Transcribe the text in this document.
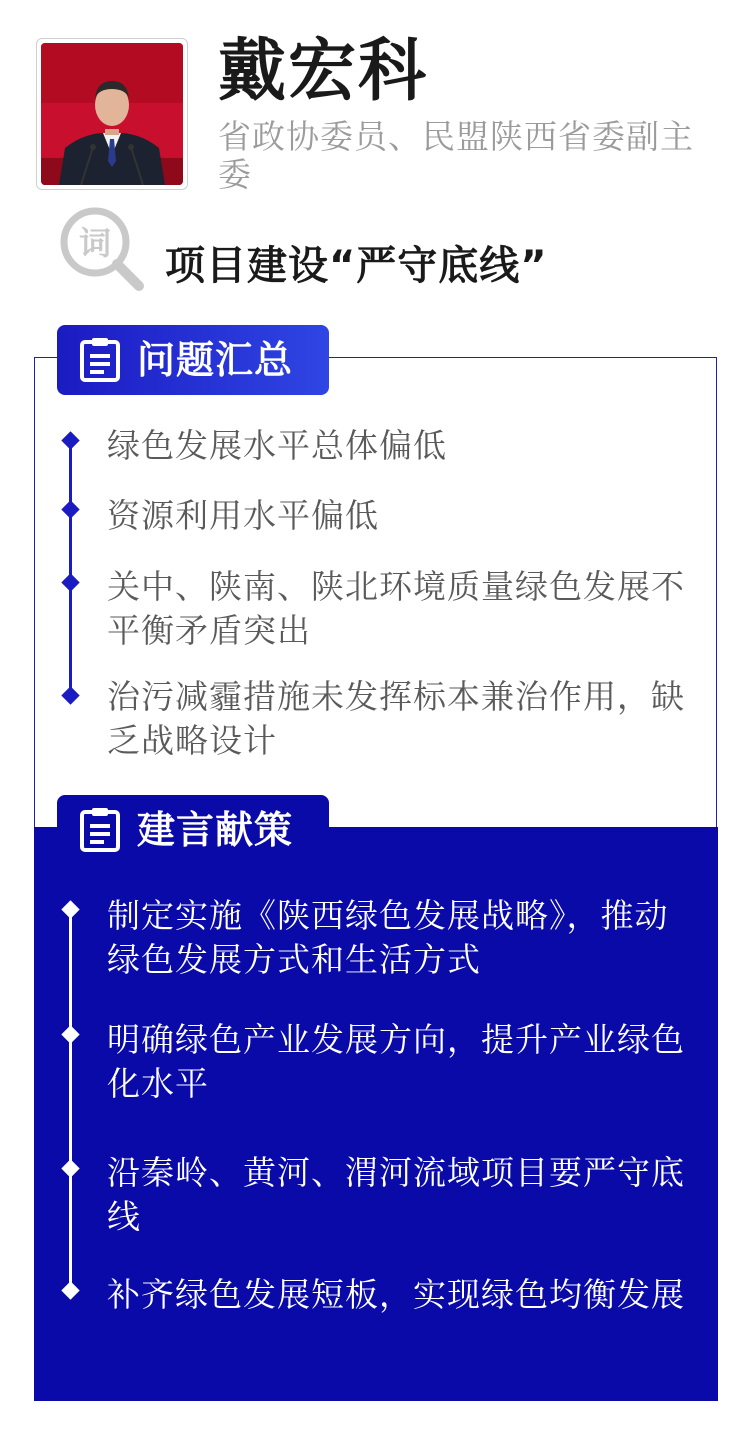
戴宏科
省政协委员、民盟陕西省委副主委
词 项目建设“严守底线”
问题汇总
绿色发展水平总体偏低
资源利用水平偏低
关中、陕南、陕北环境质量绿色发展不平衡矛盾突出
治污减霾措施未发挥标本兼治作用，缺乏战略设计
建言献策
制定实施《陕西绿色发展战略》，推动绿色发展方式和生活方式
明确绿色产业发展方向，提升产业绿色化水平
沿秦岭、黄河、渭河流域项目要严守底线
补齐绿色发展短板，实现绿色均衡发展
